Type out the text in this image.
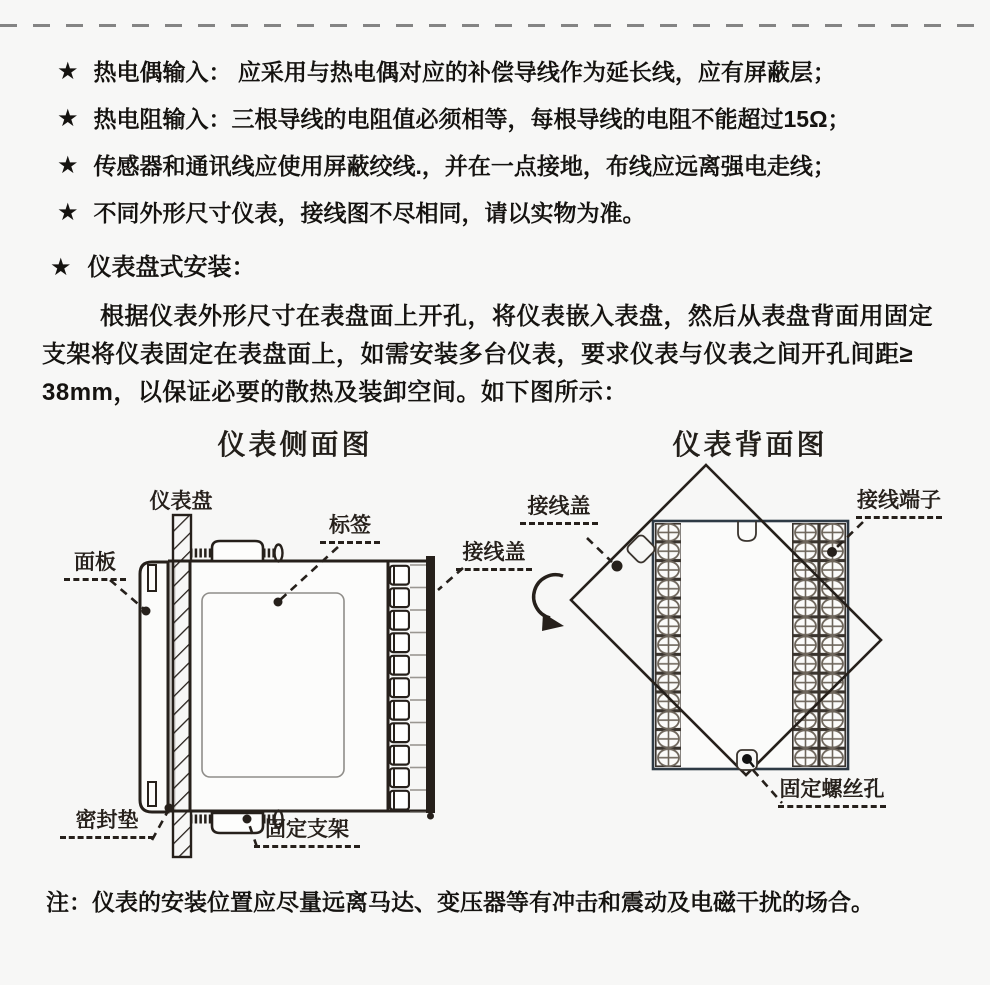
★ 热电偶输入： 应采用与热电偶对应的补偿导线作为延长线，应有屏蔽层；
★ 热电阻输入：三根导线的电阻值必须相等，每根导线的电阻不能超过15Ω；
★ 传感器和通讯线应使用屏蔽绞线.，并在一点接地，布线应远离强电走线；
★ 不同外形尺寸仪表，接线图不尽相同，请以实物为准。
★ 仪表盘式安装：
根据仪表外形尺寸在表盘面上开孔，将仪表嵌入表盘，然后从表盘背面用固定
支架将仪表固定在表盘面上，如需安装多台仪表，要求仪表与仪表之间开孔间距≥
38mm，以保证必要的散热及装卸空间。如下图所示：
仪表侧面图	仪表背面图
仪表盘
面板
标签
接线盖
密封垫	固定支架
接线盖	接线端子
固定螺丝孔
注：仪表的安装位置应尽量远离马达、变压器等有冲击和震动及电磁干扰的场合。
